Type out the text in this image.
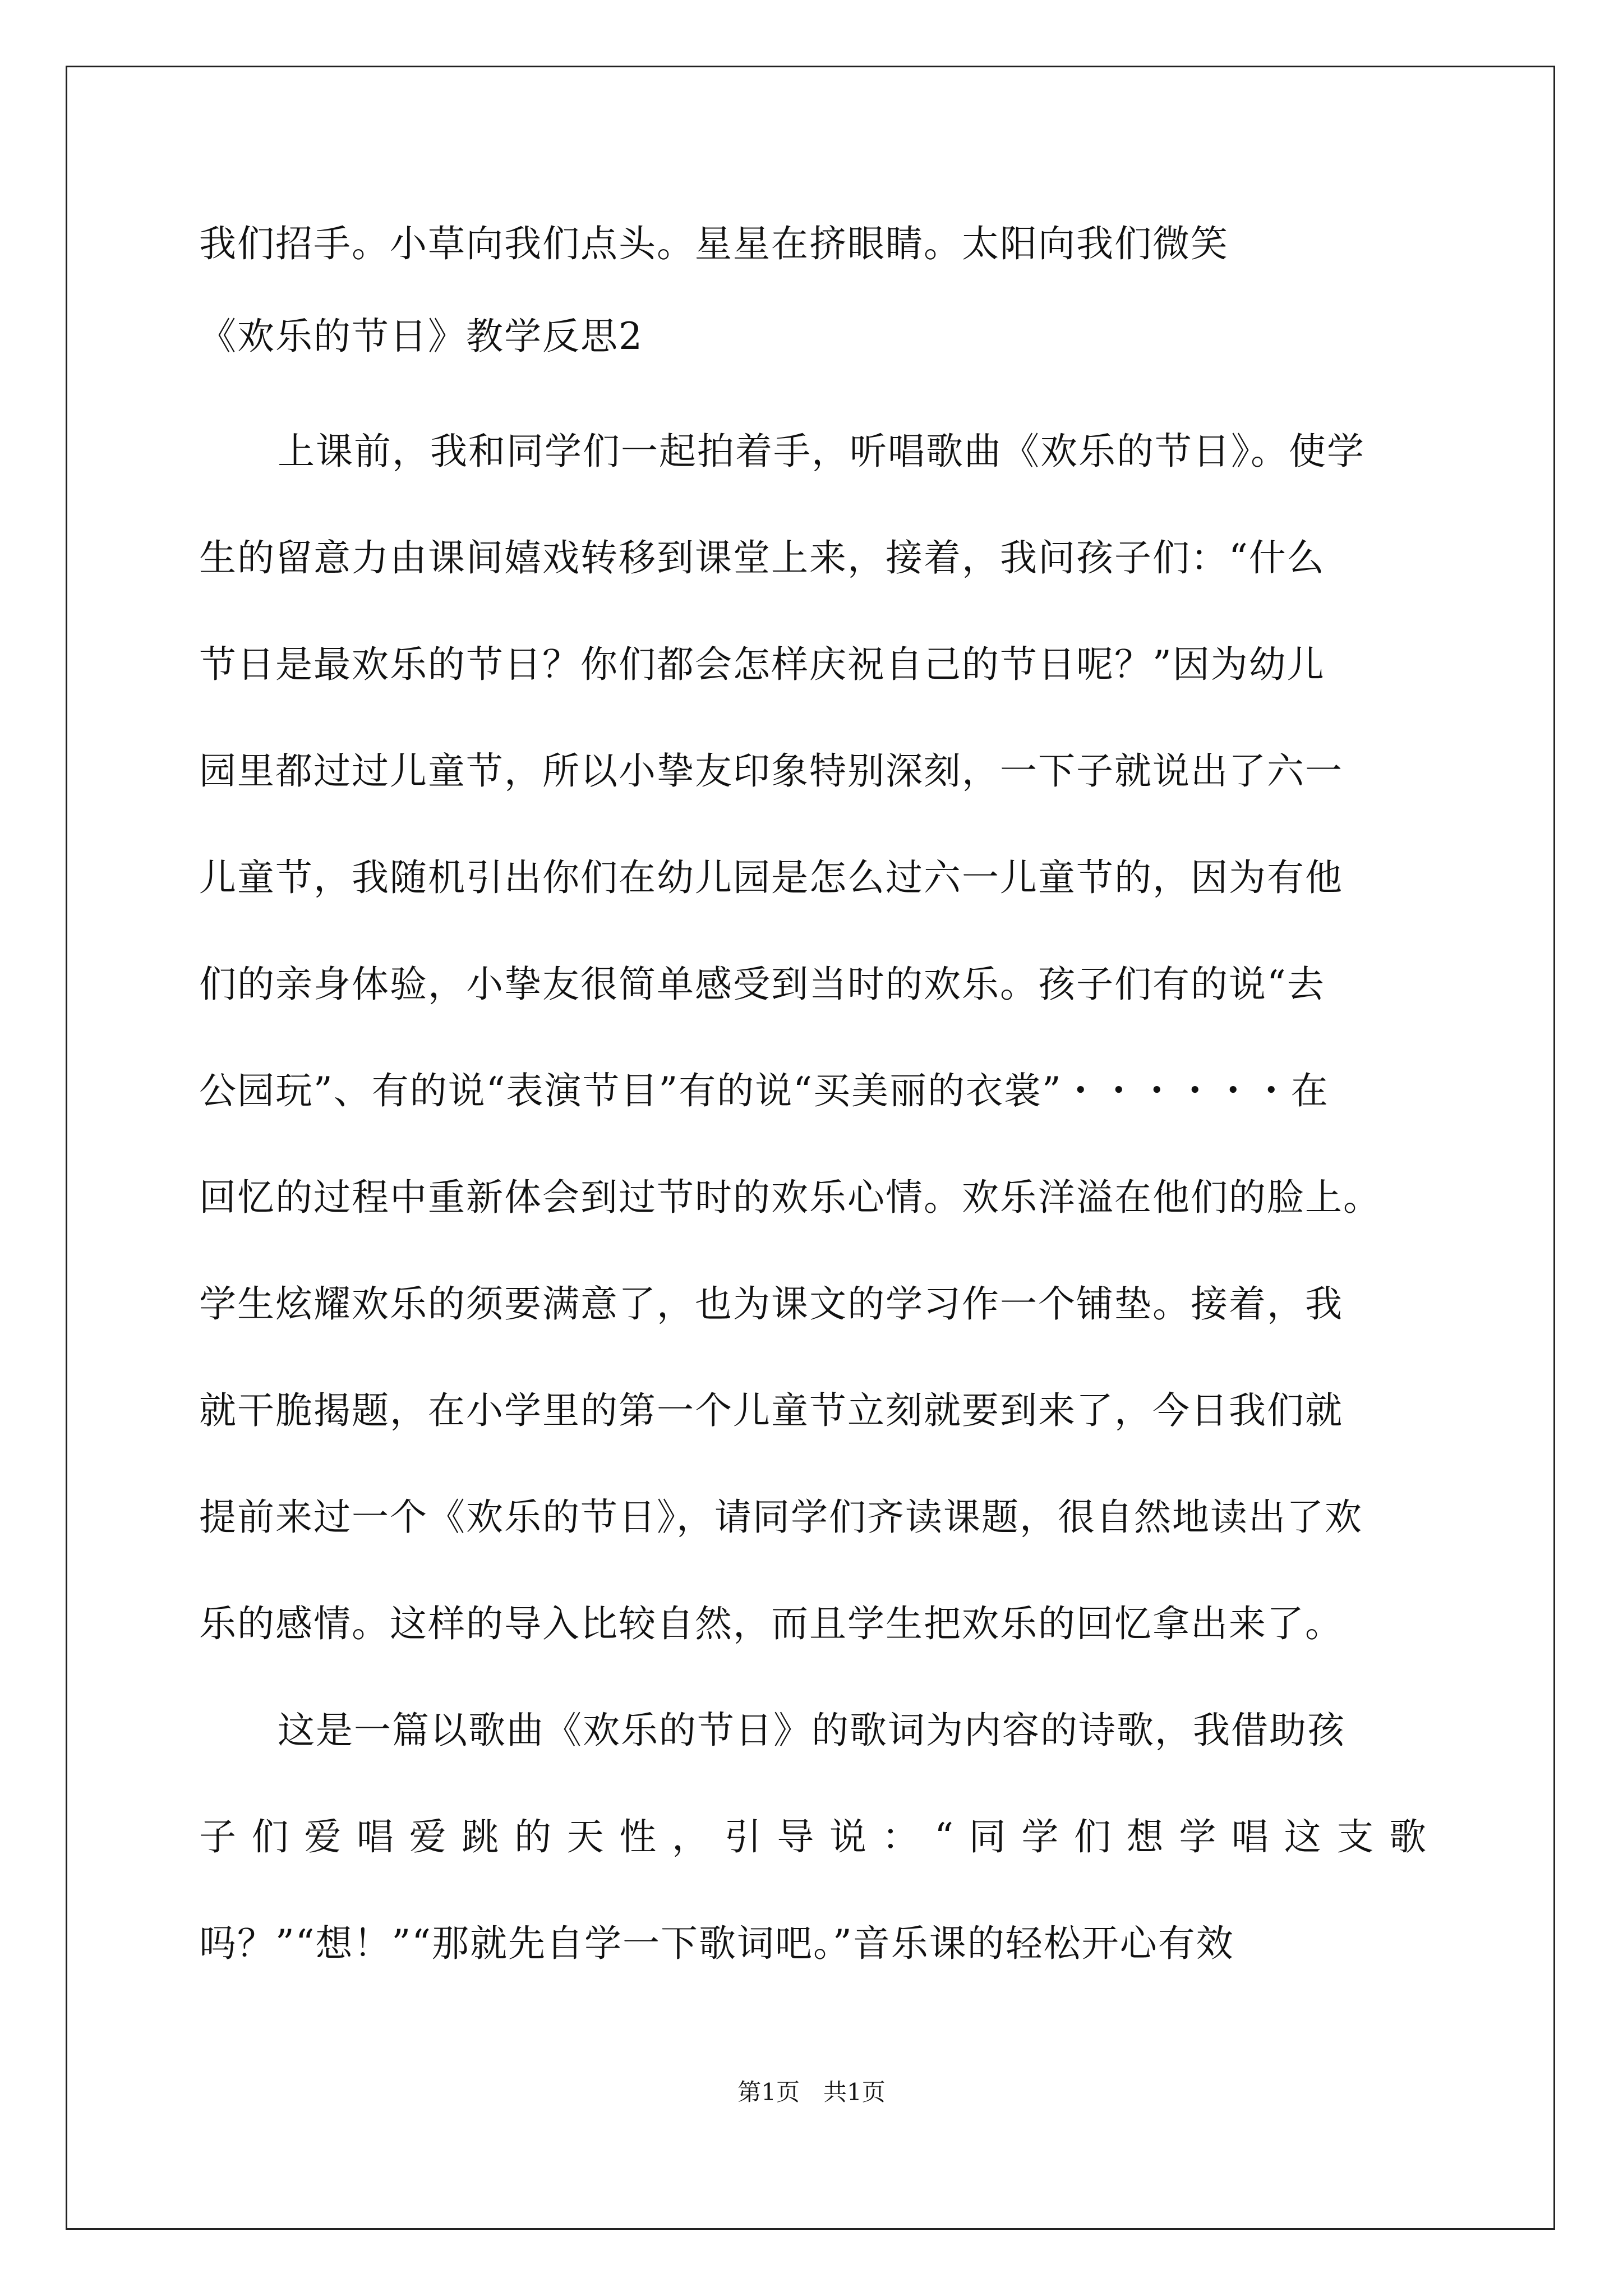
我们招手。小草向我们点头。星星在挤眼睛。太阳向我们微笑
《欢乐的节日》教学反思2
上课前，我和同学们一起拍着手，听唱歌曲《欢乐的节日》。使学
生的留意力由课间嬉戏转移到课堂上来，接着，我问孩子们：“什么
节日是最欢乐的节日？你们都会怎样庆祝自己的节日呢？”因为幼儿
园里都过过儿童节，所以小挚友印象特别深刻，一下子就说出了六一
儿童节，我随机引出你们在幼儿园是怎么过六一儿童节的，因为有他
们的亲身体验，小挚友很简单感受到当时的欢乐。孩子们有的说“去
公园玩”、有的说“表演节目”有的说“买美丽的衣裳”・・・・・・在
回忆的过程中重新体会到过节时的欢乐心情。欢乐洋溢在他们的脸上。
学生炫耀欢乐的须要满意了，也为课文的学习作一个铺垫。接着，我
就干脆揭题，在小学里的第一个儿童节立刻就要到来了，今日我们就
提前来过一个《欢乐的节日》，请同学们齐读课题，很自然地读出了欢
乐的感情。这样的导入比较自然，而且学生把欢乐的回忆拿出来了。
这是一篇以歌曲《欢乐的节日》的歌词为内容的诗歌，我借助孩
子们爱唱爱跳的天性，引导说：“同学们想学唱这支歌
吗？”“想！”“那就先自学一下歌词吧。”音乐课的轻松开心有效
第1页　共1页
